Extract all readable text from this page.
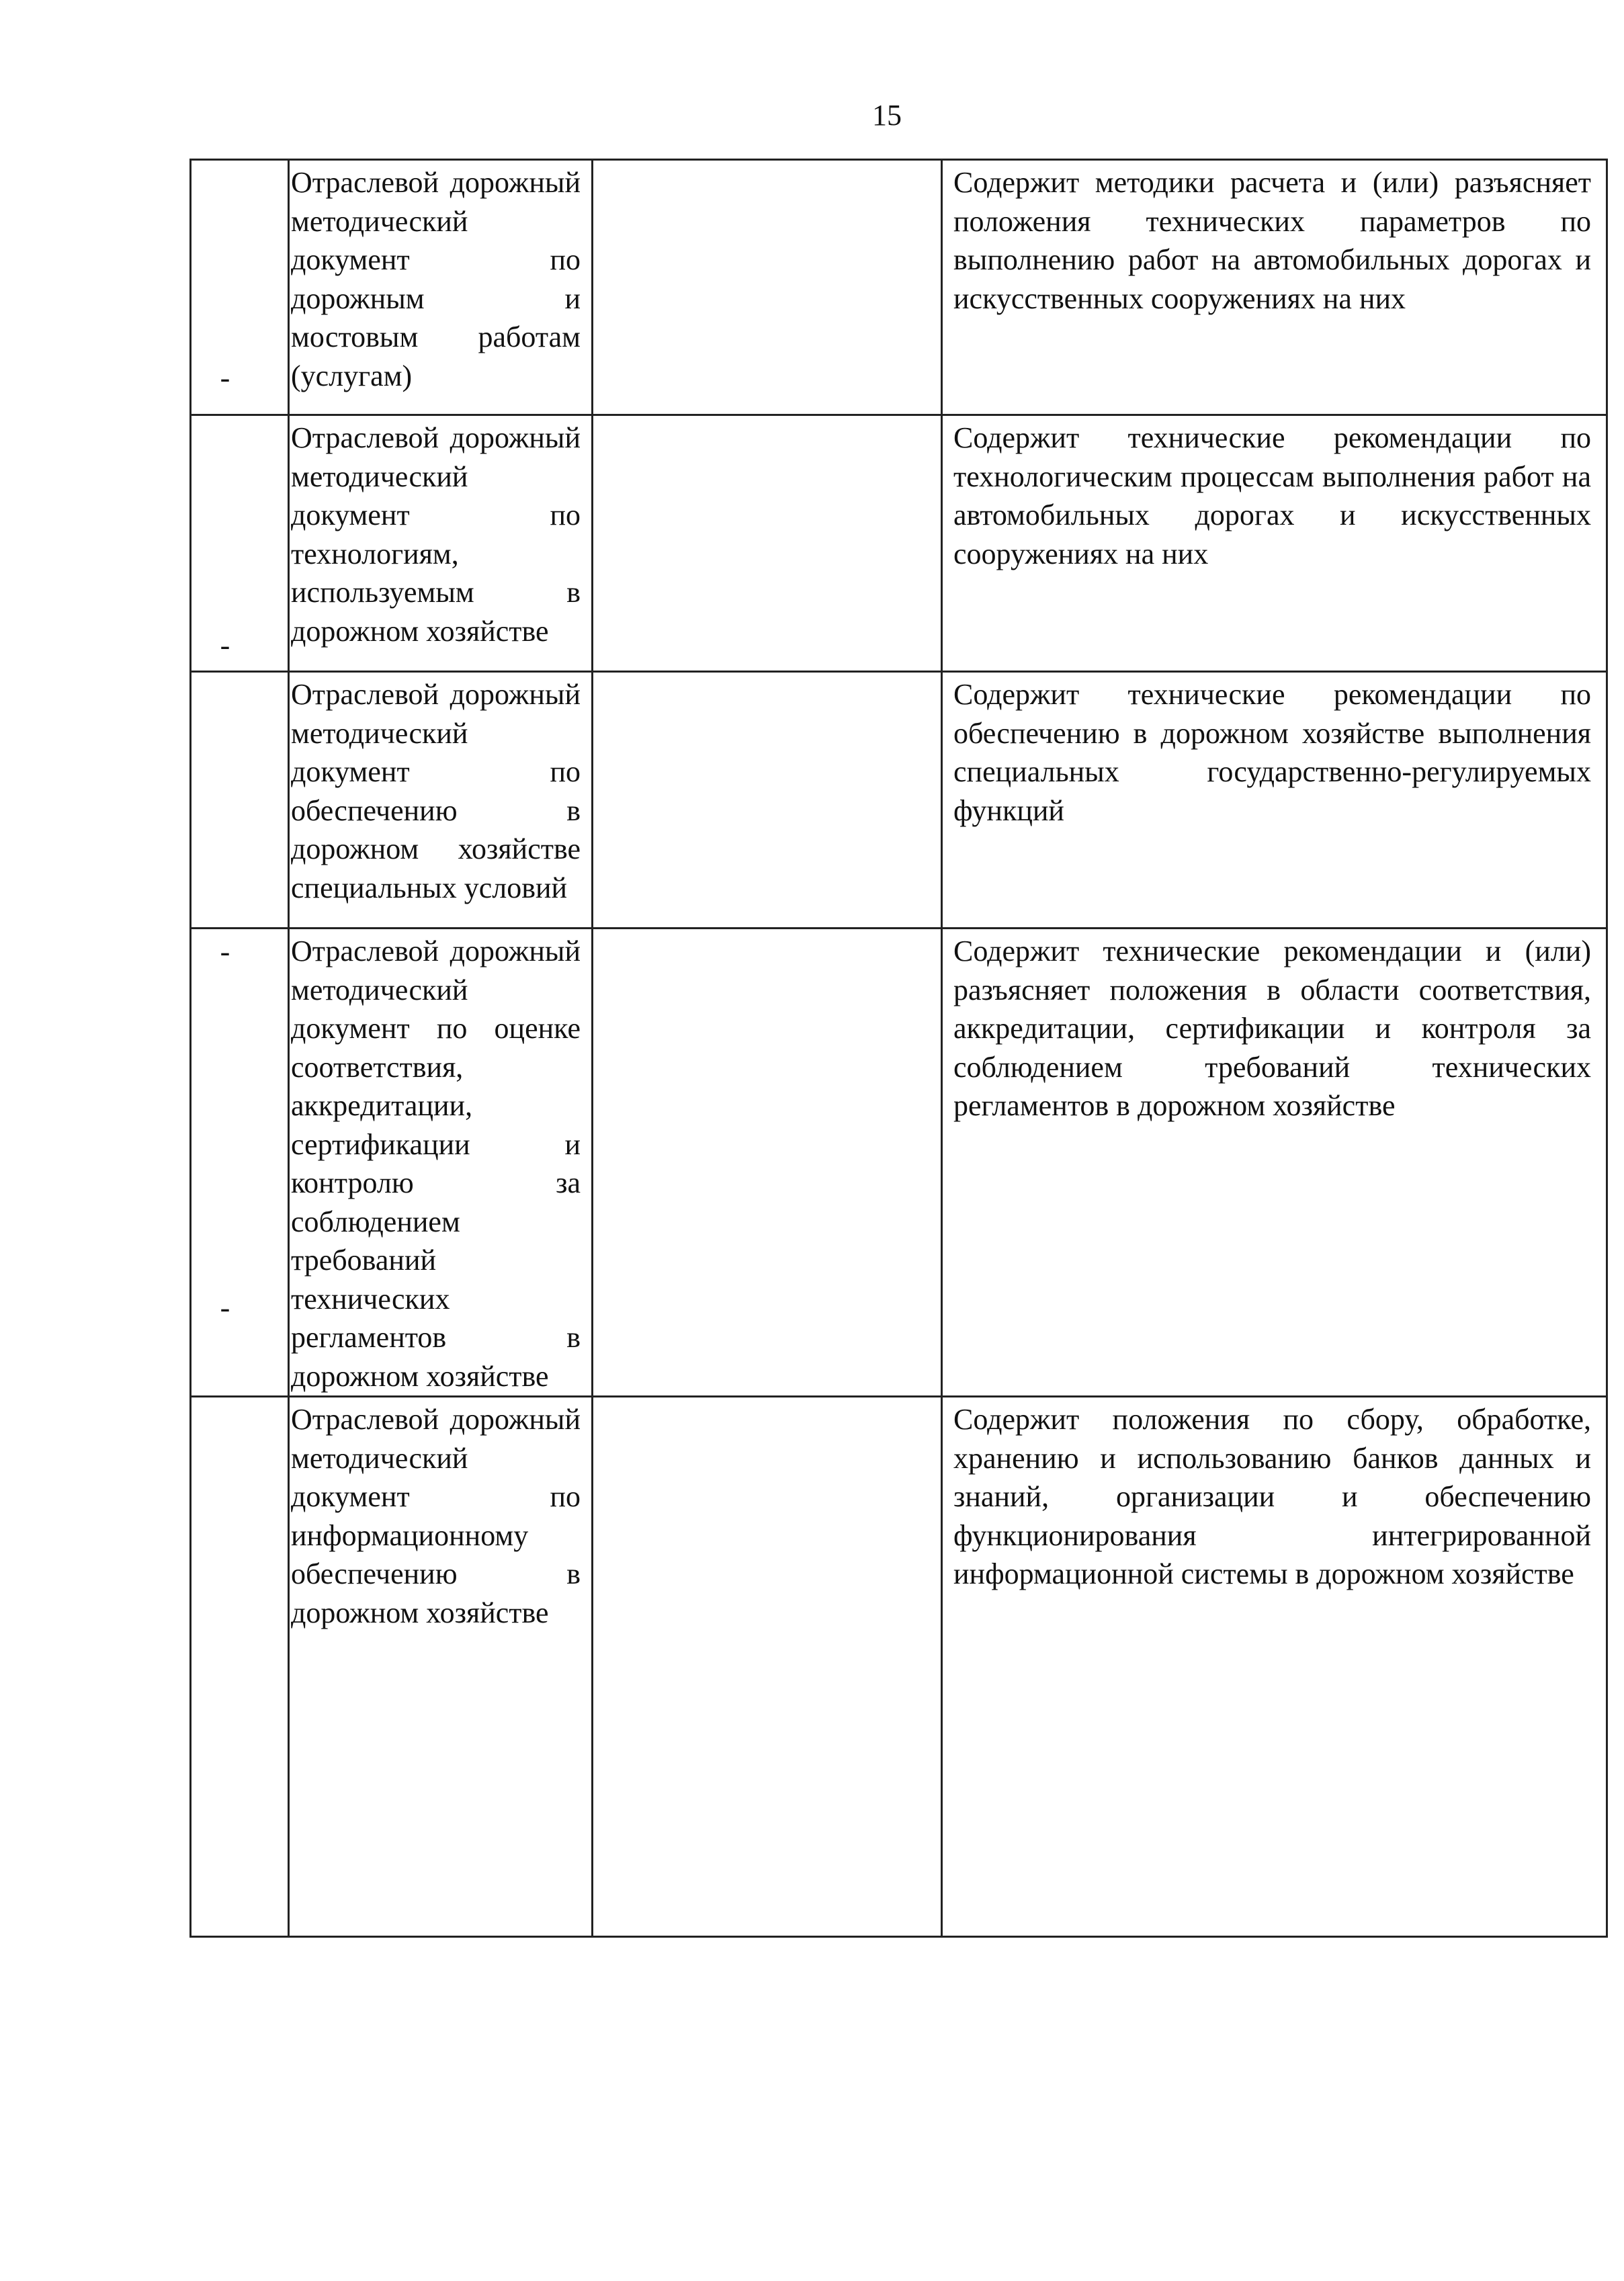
15
-	Отраслевой дорожный методический документ по дорожным и мостовым работам (услугам)		Содержит методики расчета и (или) разъясняет положения технических параметров по выполнению работ на автомобильных дорогах и искусственных сооружениях на них

-	Отраслевой дорожный методический документ по технологиям, используемым в дорожном хозяйстве		Содержит технические рекомендации по технологическим процессам выполнения работ на автомобильных дорогах и искусственных сооружениях на них

	Отраслевой дорожный методический документ по обеспечению в дорожном хозяйстве специальных условий		Содержит технические рекомендации по обеспечению в дорожном хозяйстве выполнения специальных государственно-регулируемых функций

-
-	Отраслевой дорожный методический документ по оценке соответствия, аккредитации, сертификации и контролю за соблюдением требований технических регламентов в дорожном хозяйстве		Содержит технические рекомендации и (или) разъясняет положения в области соответствия, аккредитации, сертификации и контроля за соблюдением требований технических регламентов в дорожном хозяйстве

	Отраслевой дорожный методический документ по информационному обеспечению в дорожном хозяйстве		Содержит положения по сбору, обработке, хранению и использованию банков данных и знаний, организации и обеспечению функционирования интегрированной информационной системы в дорожном хозяйстве
